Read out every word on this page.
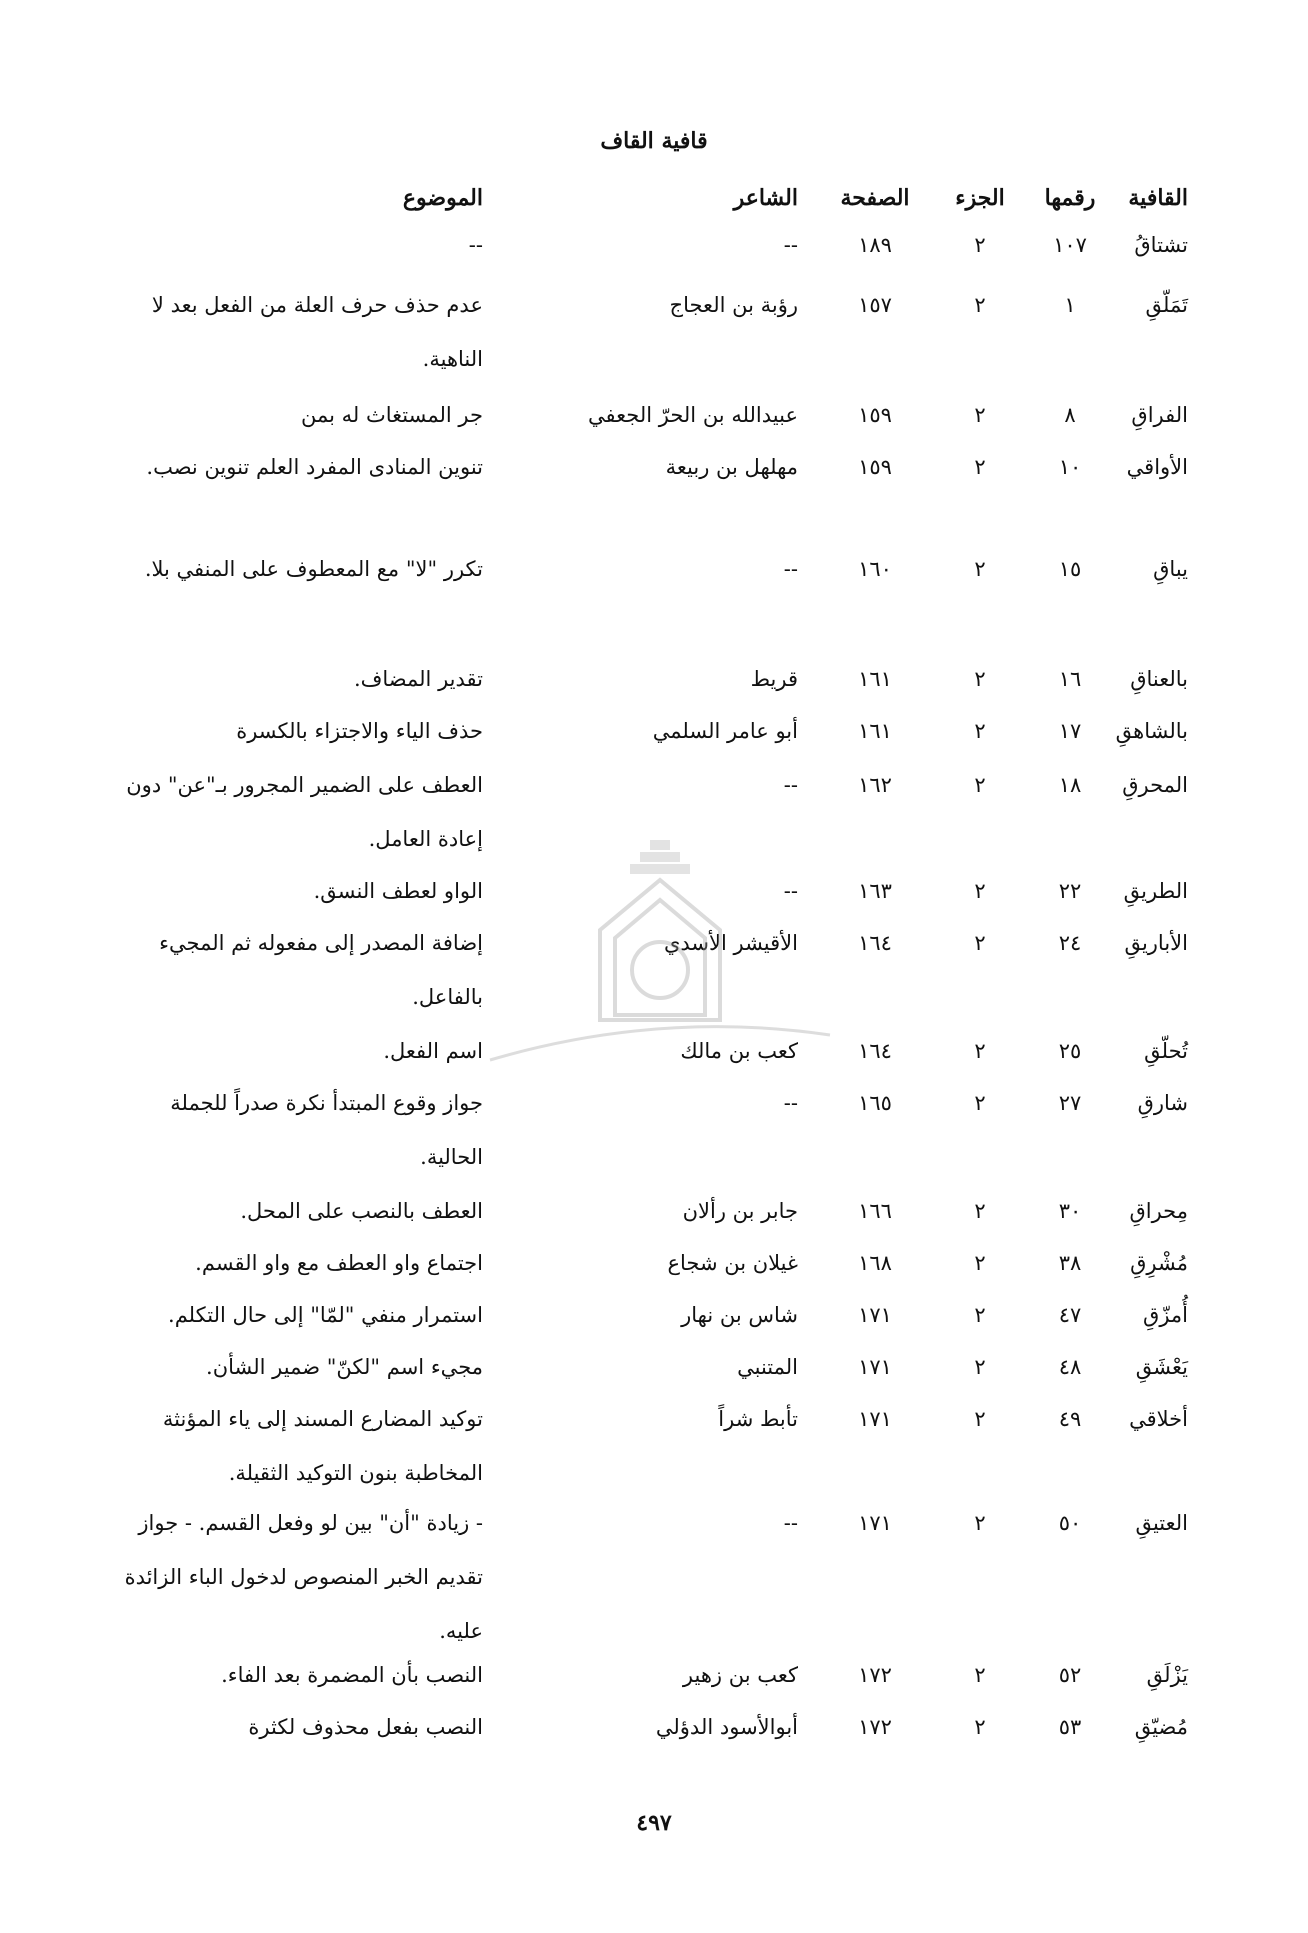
قافية القاف
القافية
رقمها
الجزء
الصفحة
الشاعر
الموضوع
تشتاقُ
١٠٧
٢
١٨٩
--
--
تَمَلّقِ
١
٢
١٥٧
رؤبة بن العجاج
عدم حذف حرف العلة من الفعل بعد لا الناهية.
الفراقِ
٨
٢
١٥٩
عبيدالله بن الحرّ الجعفي
جر المستغاث له بمن
الأواقي
١٠
٢
١٥٩
مهلهل بن ربيعة
تنوين المنادى المفرد العلم تنوين نصب.
يباقِ
١٥
٢
١٦٠
--
تكرر "لا" مع المعطوف على المنفي بلا.
بالعناقِ
١٦
٢
١٦١
قريط
تقدير المضاف.
بالشاهقِ
١٧
٢
١٦١
أبو عامر السلمي
حذف الياء والاجتزاء بالكسرة
المحرقِ
١٨
٢
١٦٢
--
العطف على الضمير المجرور بـ"عن" دون إعادة العامل.
الطريقِ
٢٢
٢
١٦٣
--
الواو لعطف النسق.
الأباريقِ
٢٤
٢
١٦٤
الأقيشر الأسدي
إضافة المصدر إلى مفعوله ثم المجيء بالفاعل.
تُحلّقِ
٢٥
٢
١٦٤
كعب بن مالك
اسم الفعل.
شارقِ
٢٧
٢
١٦٥
--
جواز وقوع المبتدأ نكرة صدراً للجملة الحالية.
مِحراقِ
٣٠
٢
١٦٦
جابر بن رألان
العطف بالنصب على المحل.
مُشْرِقِ
٣٨
٢
١٦٨
غيلان بن شجاع
اجتماع واو العطف مع واو القسم.
أُمزّقِ
٤٧
٢
١٧١
شاس بن نهار
استمرار منفي "لمّا" إلى حال التكلم.
يَعْشَقِ
٤٨
٢
١٧١
المتنبي
مجيء اسم "لكنّ" ضمير الشأن.
أخلاقي
٤٩
٢
١٧١
تأبط شراً
توكيد المضارع المسند إلى ياء المؤنثة المخاطبة بنون التوكيد الثقيلة.
العتيقِ
٥٠
٢
١٧١
--
- زيادة "أن" بين لو وفعل القسم. - جواز تقديم الخبر المنصوص لدخول الباء الزائدة عليه.
يَزْلَقِ
٥٢
٢
١٧٢
كعب بن زهير
النصب بأن المضمرة بعد الفاء.
مُضيّقِ
٥٣
٢
١٧٢
أبوالأسود الدؤلي
النصب بفعل محذوف لكثرة
٤٩٧
